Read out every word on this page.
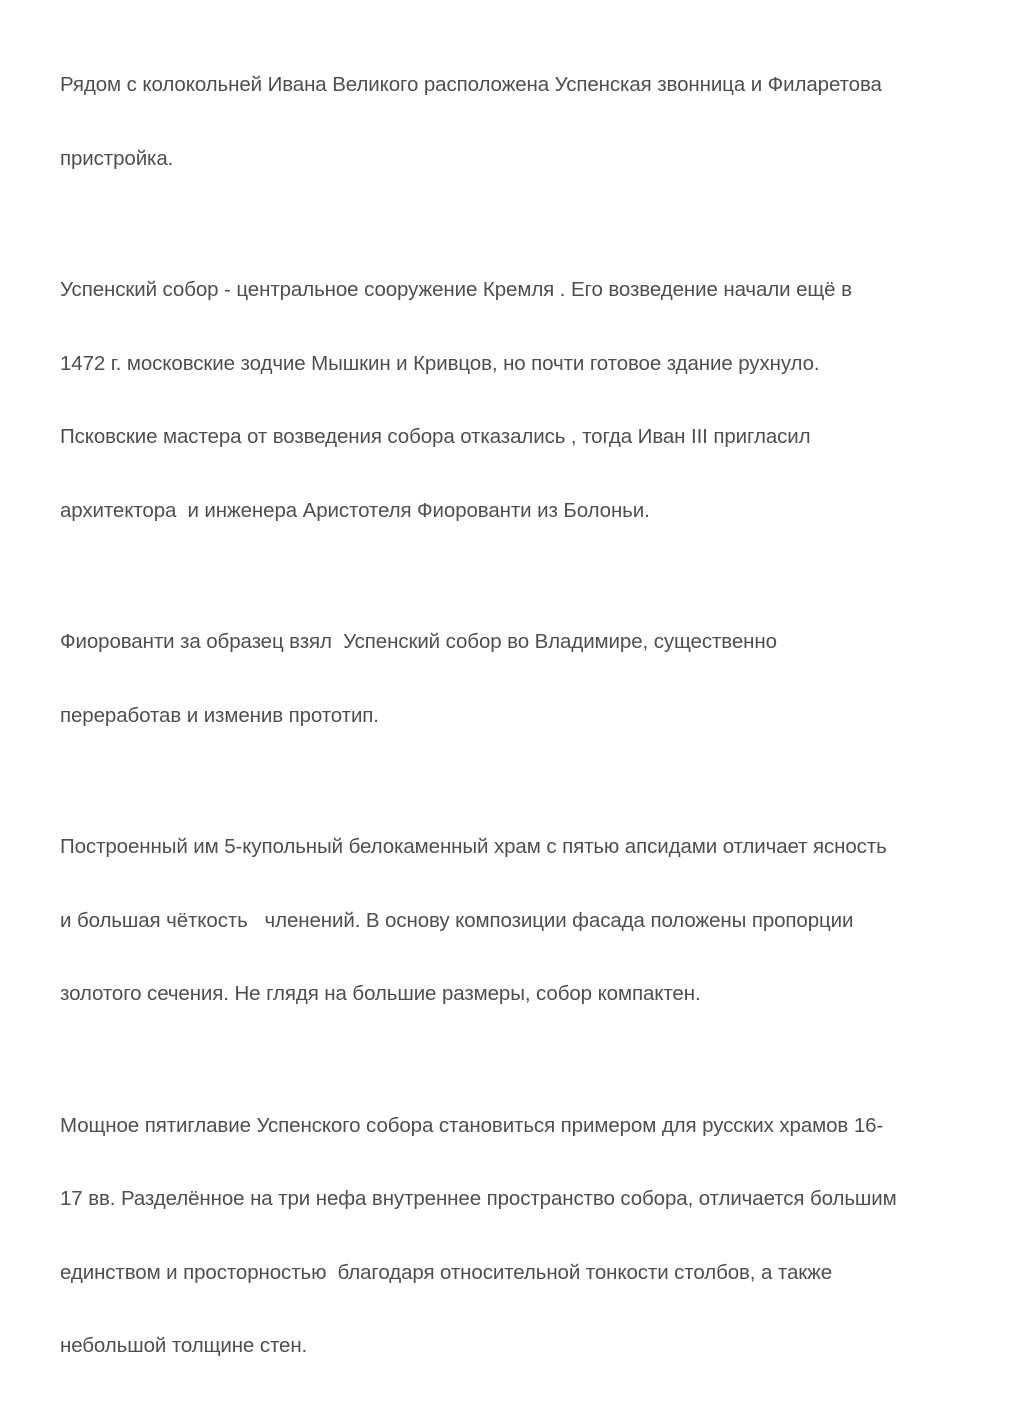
Рядом с колокольней Ивана Великого расположена Успенская звонница и Филаретова

пристройка.

Успенский собор - центральное сооружение Кремля . Его возведение начали ещё в

1472 г. московские зодчие Мышкин и Кривцов, но почти готовое здание рухнуло.

Псковские мастера от возведения собора отказались , тогда Иван III пригласил

архитектора  и инженера Аристотеля Фиорованти из Болоньи.

Фиорованти за образец взял  Успенский собор во Владимире, существенно

переработав и изменив прототип.

Построенный им 5-купольный белокаменный храм с пятью апсидами отличает ясность

и большая чёткость   членений. В основу композиции фасада положены пропорции

золотого сечения. Не глядя на большие размеры, собор компактен.

Мощное пятиглавие Успенского собора становиться примером для русских храмов 16-

17 вв. Разделённое на три нефа внутреннее пространство собора, отличается большим

единством и просторностью  благодаря относительной тонкости столбов, а также

небольшой толщине стен.
